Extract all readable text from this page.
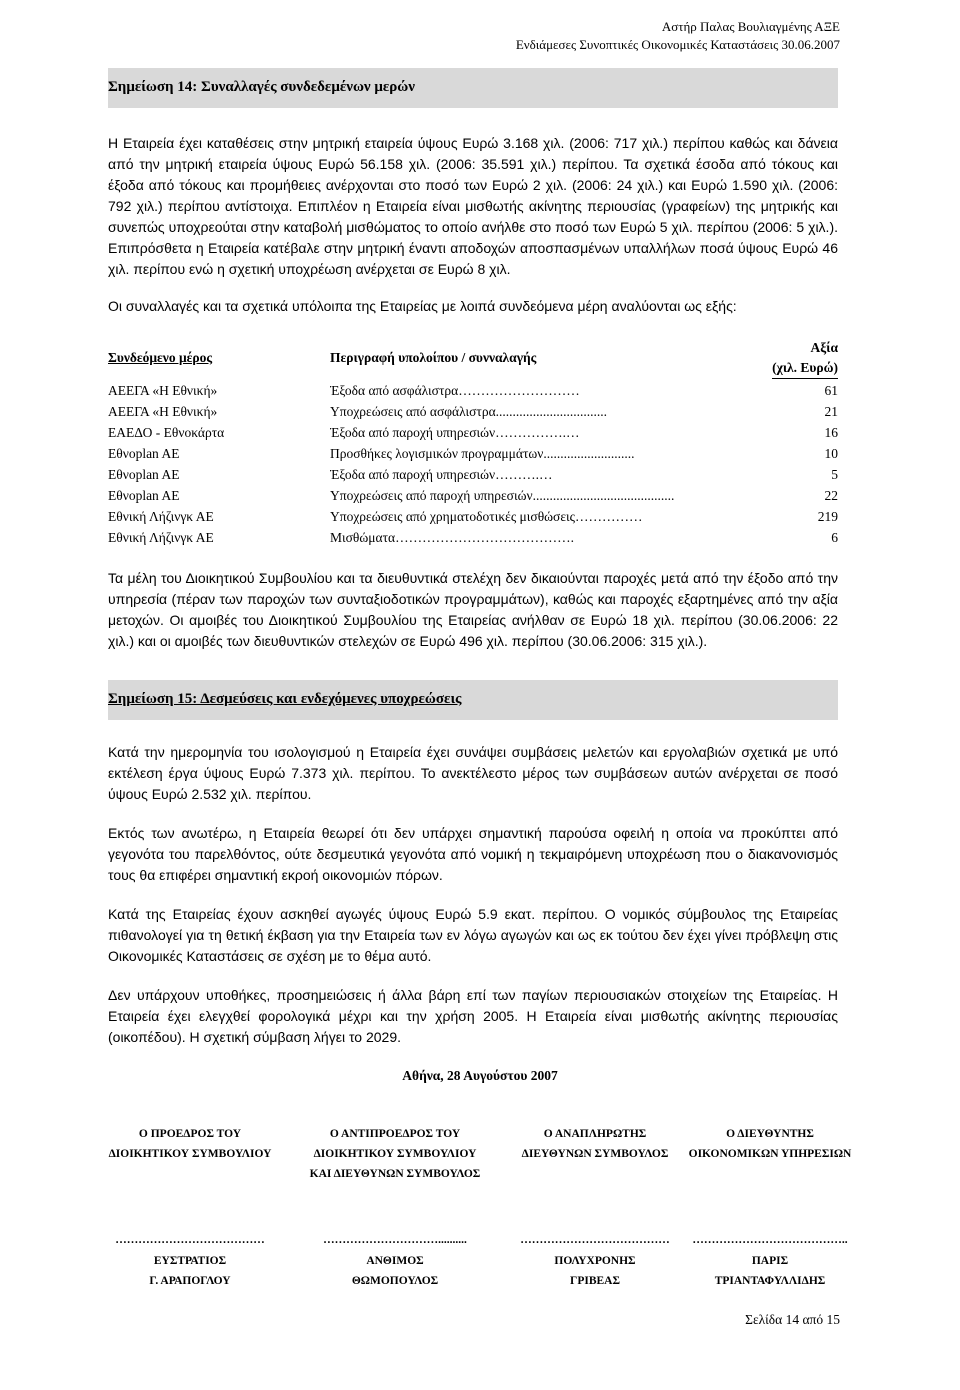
Αστήρ Παλας Βουλιαγμένης ΑΞΕ
Ενδιάμεσες Συνοπτικές Οικονομικές Καταστάσεις 30.06.2007
Σημείωση 14: Συναλλαγές συνδεδεμένων μερών
Η Εταιρεία έχει καταθέσεις στην μητρική εταιρεία ύψους Ευρώ 3.168 χιλ. (2006: 717 χιλ.) περίπου καθώς και δάνεια από την μητρική εταιρεία ύψους Ευρώ 56.158 χιλ. (2006: 35.591 χιλ.) περίπου. Τα σχετικά έσοδα από τόκους και έξοδα από τόκους και προμήθειες ανέρχονται στο ποσό των Ευρώ 2 χιλ. (2006: 24 χιλ.) και Ευρώ 1.590 χιλ. (2006: 792 χιλ.) περίπου αντίστοιχα. Επιπλέον η Εταιρεία είναι μισθωτής ακίνητης περιουσίας (γραφείων) της μητρικής και συνεπώς υποχρεούται στην καταβολή μισθώματος το οποίο ανήλθε στο ποσό των Ευρώ 5 χιλ. περίπου (2006: 5 χιλ.). Επιπρόσθετα η Εταιρεία κατέβαλε στην μητρική έναντι αποδοχών αποσπασμένων υπαλλήλων ποσά ύψους Ευρώ 46 χιλ. περίπου ενώ η σχετική υποχρέωση ανέρχεται σε Ευρώ 8 χιλ.
Οι συναλλαγές και τα σχετικά υπόλοιπα της Εταιρείας με λοιπά συνδεόμενα μέρη αναλύονται ως εξής:
Συνδεόμενο μέρος	Περιγραφή υπολοίπου / συνναλαγής
Αξία
(χιλ. Ευρώ)
ΑΕΕΓΑ «Η Εθνική»	Έξοδα από ασφάλιστρα………………………	61
ΑΕΕΓΑ «Η Εθνική»	Υποχρεώσεις από ασφάλιστρα.................................	21
ΕΑΕΔΟ - Εθνοκάρτα	Έξοδα από παροχή υπηρεσιών…………….…	16
Eθνoplan AE	Προσθήκες λογισμικών προγραμμάτων...........................	10
Eθνoplan AE	Έξοδα από παροχή υπηρεσιών……….…	5
Eθνoplan AE	Υποχρεώσεις από παροχή υπηρεσιών..........................................	22
Εθνική Λήζινγκ ΑΕ	Υποχρεώσεις από χρηματοδοτικές μισθώσεις……………	219
Εθνική Λήζινγκ ΑΕ	Μισθώματα………………………………….	6
Τα μέλη του Διοικητικού Συμβουλίου και τα διευθυντικά στελέχη δεν δικαιούνται παροχές μετά από την έξοδο από την υπηρεσία (πέραν των παροχών των συνταξιοδοτικών προγραμμάτων), καθώς και παροχές εξαρτημένες από την αξία μετοχών. Οι αμοιβές του Διοικητικού Συμβουλίου της Εταιρείας ανήλθαν σε Ευρώ 18 χιλ. περίπου (30.06.2006: 22 χιλ.) και οι αμοιβές των διευθυντικών στελεχών σε Ευρώ 496 χιλ. περίπου (30.06.2006: 315 χιλ.).
Σημείωση 15: Δεσμεύσεις και ενδεχόμενες υποχρεώσεις
Κατά την ημερομηνία του ισολογισμού η Εταιρεία έχει συνάψει συμβάσεις μελετών και εργολαβιών σχετικά με υπό εκτέλεση έργα ύψους Ευρώ 7.373 χιλ. περίπου. Το ανεκτέλεστο μέρος των συμβάσεων αυτών ανέρχεται σε ποσό ύψους Ευρώ 2.532 χιλ. περίπου.
Εκτός των ανωτέρω, η Εταιρεία θεωρεί ότι δεν υπάρχει σημαντική παρούσα οφειλή η οποία να προκύπτει από γεγονότα του παρελθόντος, ούτε δεσμευτικά γεγονότα από νομική η τεκμαιρόμενη υποχρέωση που ο διακανονισμός τους θα επιφέρει σημαντική εκροή οικονομιών πόρων.
Κατά της Εταιρείας έχουν ασκηθεί αγωγές ύψους Ευρώ 5.9 εκατ. περίπου. Ο νομικός σύμβουλος της Εταιρείας πιθανολογεί για τη θετική έκβαση για την Εταιρεία των εν λόγω αγωγών και ως εκ τούτου δεν έχει γίνει πρόβλεψη στις Οικονομικές Καταστάσεις σε σχέση με το θέμα αυτό.
Δεν υπάρχουν υποθήκες, προσημειώσεις ή άλλα βάρη επί των παγίων περιουσιακών στοιχείων της Εταιρείας. Η Εταιρεία έχει ελεγχθεί φορολογικά μέχρι και την χρήση 2005. Η Εταιρεία είναι μισθωτής ακίνητης περιουσίας (οικοπέδου). Η σχετική σύμβαση λήγει το 2029.
Αθήνα, 28 Αυγούστου 2007
Ο ΠΡΟΕΔΡΟΣ ΤΟΥ
ΔΙΟΙΚΗΤΙΚΟΥ ΣΥΜΒΟΥΛΙΟΥ
Ο ΑΝΤΙΠΡΟΕΔΡΟΣ ΤΟΥ
ΔΙΟΙΚΗΤΙΚΟΥ ΣΥΜΒΟΥΛΙΟΥ
ΚΑΙ ΔΙΕΥΘΥΝΩΝ ΣΥΜΒΟΥΛΟΣ
Ο ΑΝΑΠΛΗΡΩΤΗΣ
ΔΙΕΥΘΥΝΩΝ ΣΥΜΒΟΥΛΟΣ
Ο ΔΙΕΥΘΥΝΤΗΣ
ΟΙΚΟΝΟΜΙΚΩΝ ΥΠΗΡΕΣΙΩΝ
…………………………………	…………………………..........	…………………………………	…………………………………..
ΕΥΣΤΡΑΤΙΟΣ
Γ. ΑΡΑΠΟΓΛΟΥ
ΑΝΘΙΜΟΣ
ΘΩΜΟΠΟΥΛΟΣ
ΠΟΛΥΧΡΟΝΗΣ
ΓΡΙΒΕΑΣ
ΠΑΡΙΣ
ΤΡΙΑΝΤΑΦΥΛΛΙΔΗΣ
Σελίδα 14 από 15
